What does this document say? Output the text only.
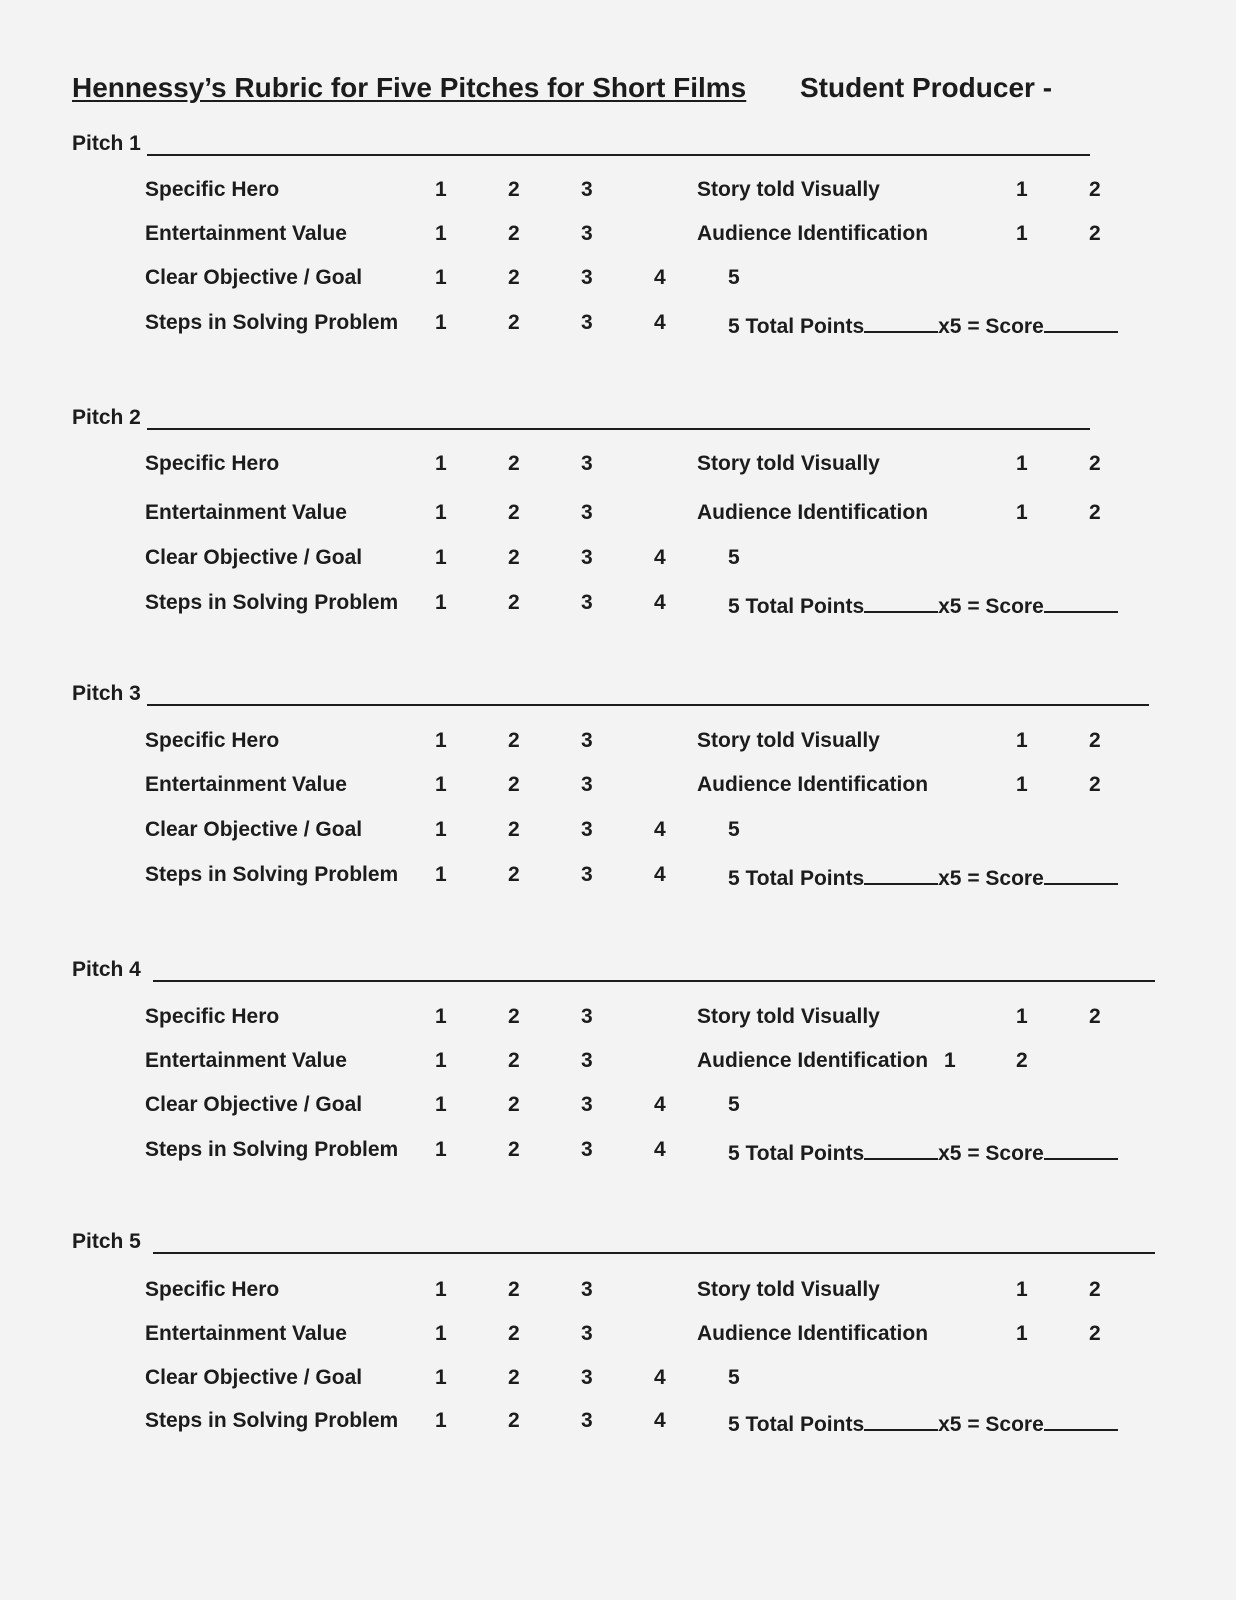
Hennessy’s Rubric for Five Pitches for Short Films Student Producer -
Pitch 1
Specific Hero	1	2	3	Story told Visually	1	2
Entertainment Value	1	2	3	Audience Identification	1	2
Clear Objective / Goal	1	2	3	4	5
Steps in Solving Problem 1	2	3	4	5 Total Points	x5 = Score
Pitch 2
Specific Hero	1	2	3	Story told Visually	1	2
Entertainment Value	1	2	3	Audience Identification	1	2
Clear Objective / Goal	1	2	3	4	5
Steps in Solving Problem 1	2	3	4	5 Total Points	x5 = Score
Pitch 3
Specific Hero	1	2	3	Story told Visually	1	2
Entertainment Value	1	2	3	Audience Identification	1	2
Clear Objective / Goal	1	2	3	4	5
Steps in Solving Problem 1	2	3	4	5 Total Points	x5 = Score
Pitch 4
Specific Hero	1	2	3	Story told Visually	1	2
Entertainment Value	1	2	3	Audience Identification 1	2
Clear Objective / Goal	1	2	3	4	5
Steps in Solving Problem 1	2	3	4	5 Total Points	x5 = Score
Pitch 5
Specific Hero	1	2	3	Story told Visually	1	2
Entertainment Value	1	2	3	Audience Identification	1	2
Clear Objective / Goal	1	2	3	4	5
Steps in Solving Problem 1	2	3	4	5 Total Points	x5 = Score
